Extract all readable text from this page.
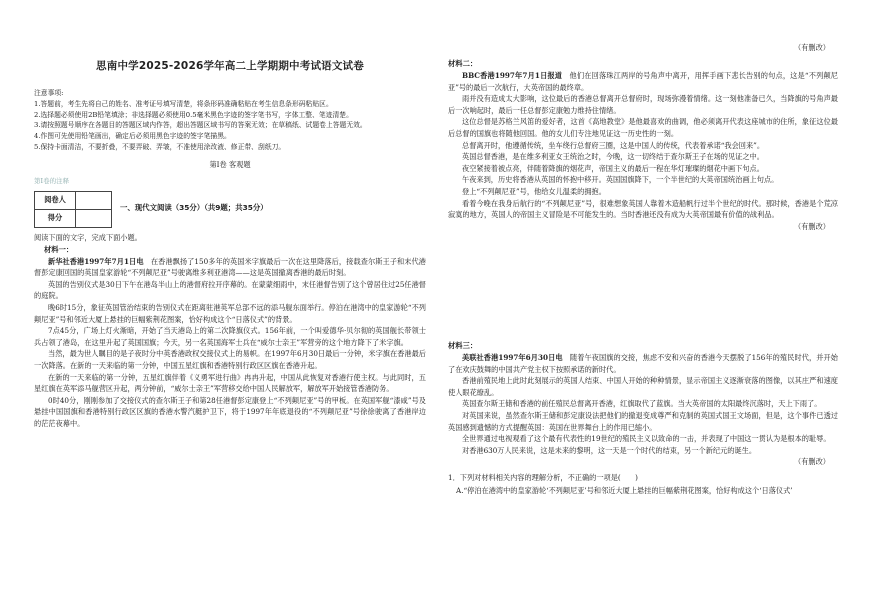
思南中学2025-2026学年高二上学期期中考试语文试卷

注意事项:

1.答题前，考生先将自己的姓名、准考证号填写清楚，将条形码准确粘贴在考生信息条形码粘贴区。

2.选择题必须使用2B铅笔填涂；非选择题必须使用0.5毫米黑色字迹的签字笔书写，字体工整、笔迹清楚。

3.请按照题号顺序在各题目的答题区域内作答，超出答题区域书写的答案无效；在草稿纸、试题卷上答题无效。

4.作图可先使用铅笔画出，确定后必须用黑色字迹的签字笔描黑。

5.保持卡面清洁，不要折叠，不要弄破、弄皱，不准使用涂改液、修正带、刮纸刀。

第Ⅰ卷 客观题
第Ⅰ卷的注释
阅卷人	
得分	
一、现代文阅读（35分）（共9题；共35分）

阅读下面的文字，完成下面小题。

材料一：

新华社香港1997年7月1日电　在香港飘扬了150多年的英国米字旗最后一次在这里降落后，接载查尔斯王子和末代港督彭定康回国的英国皇家游轮“不列颠尼亚”号驶离维多利亚港湾——这是英国撤离香港的最后时刻。

英国的告别仪式是30日下午在港岛半山上的港督府拉开序幕的。在蒙蒙细雨中，末任港督告别了这个曾居住过25任港督的庭院。

晚6时15分，象征英国管治结束的告别仪式在距离驻港英军总部不远的添马舰东面举行。停泊在港湾中的皇家游轮“不列颠尼亚”号和邻近大厦上悬挂的巨幅紫荆花图案，恰好构成这个“日落仪式”的背景。

7点45分，广场上灯火渐暗，开始了当天港岛上的第二次降旗仪式。156年前，一个叫爱德华·贝尔彻的英国舰长带领士兵占领了港岛，在这里升起了英国国旗；今天，另一名英国海军士兵在“威尔士亲王”军营旁的这个地方降下了米字旗。

当然，最为世人瞩目的是子夜时分中英香港政权交接仪式上的易帜。在1997年6月30日最后一分钟，米字旗在香港最后一次降落。在新的一天来临的第一分钟，中国五星红旗和香港特别行政区区旗在香港升起。

在新的一天来临的第一分钟，五星红旗伴着《义勇军进行曲》冉冉升起，中国从此恢复对香港行使主权。与此同时，五星红旗在英军添马舰营区升起，两分钟前，“威尔士亲王”军营移交给中国人民解放军，解放军开始接管香港防务。

0时40分，刚刚参加了交接仪式的查尔斯王子和第28任港督彭定康登上“不列颠尼亚”号的甲板。在英国军舰“漆咸”号及悬挂中国国旗和香港特别行政区区旗的香港水警汽艇护卫下，将于1997年年底退役的“不列颠尼亚”号徐徐驶离了香港岸边的茫茫夜幕中。

（有删改）

材料二：

BBC香港1997年7月1日报道　他们在回落珠江两岸的号角声中离开，用挥手画下悲长告别的句点，这是“不列颠尼亚”号的最后一次航行，大英帝国的最终章。

雨并没有造成太大影响，这位最后的香港总督离开总督府时，现场弥漫着情绪。这一刻他准备已久，当降旗的号角声最后一次响起时，最后一任总督彭定康勉力维持住情绪。

这位总督是苏格兰风笛的爱好者，这首《高地教堂》是他最喜欢的曲调，他必须离开代表这座城市的住所，象征这位最后总督的国旗也将随他回国。他的女儿们专注地见证这一历史性的一刻。

总督离开时，他遵循传统，坐车绕行总督府三圈，这是中国人的传统，代表着承诺“我会回来”。

英国总督香港，是在维多利亚女王统治之时，今晚，这一切终结于查尔斯王子在场的见证之中。

夜空紧接着被点亮，伴随着降旗的烟花声，帝国主义的最后一程在华灯璀璨的烟花中画下句点。

午夜来到，历史将香港从英国的怀抱中移开。英国国旗降下，一个半世纪的大英帝国统治画上句点。

登上“不列颠尼亚”号，他给女儿温柔的拥抱。

看着今晚在我身后航行的“不列颠尼亚”号，很难想象英国人靠着木造船帆行过半个世纪的时代。那时候，香港是个荒凉寂寞的地方，英国人的帝国主义冒险是不可能发生的。当时香港还没有成为大英帝国最有价值的战利品。

（有删改）

材料三：

美联社香港1997年6月30日电　随着午夜国旗的交接，焦虑不安和兴奋的香港今天摆脱了156年的殖民时代，并开始了在欢庆鼓舞的中国共产党主权下按照承诺的新时代。

香港前殖民地上此时此刻展示的英国人结束、中国人开始的种种情景，显示帝国主义逐渐衰落的图像，以其庄严和速度使人眼花缭乱。

英国查尔斯王储和香港的前任殖民总督离开香港，红旗取代了蓝旗。当大英帝国的太阳最终沉落时，天上下雨了。

对英国来说，虽然查尔斯王储和彭定康设法把他们的撤退变成尊严和克制的英国式国王文场面，但是，这个事件已透过英国感到遗憾的方式提醒英国：英国在世界舞台上的作用已缩小。

全世界通过电视观看了这个最有代表性的19世纪的殖民主义以致命的一击，并表现了中国这一贯认为是根本的耻辱。

对香港630万人民来说，这是未来的黎明，这一天是一个时代的结束，另一个新纪元的诞生。

（有删改）

1．下列对材料相关内容的理解分析，不正确的一项是(　　)

A.“停泊在港湾中的皇家游轮‘不列颠尼亚’号和邻近大厦上悬挂的巨幅紫荆花图案，恰好构成这个‘日落仪式’
